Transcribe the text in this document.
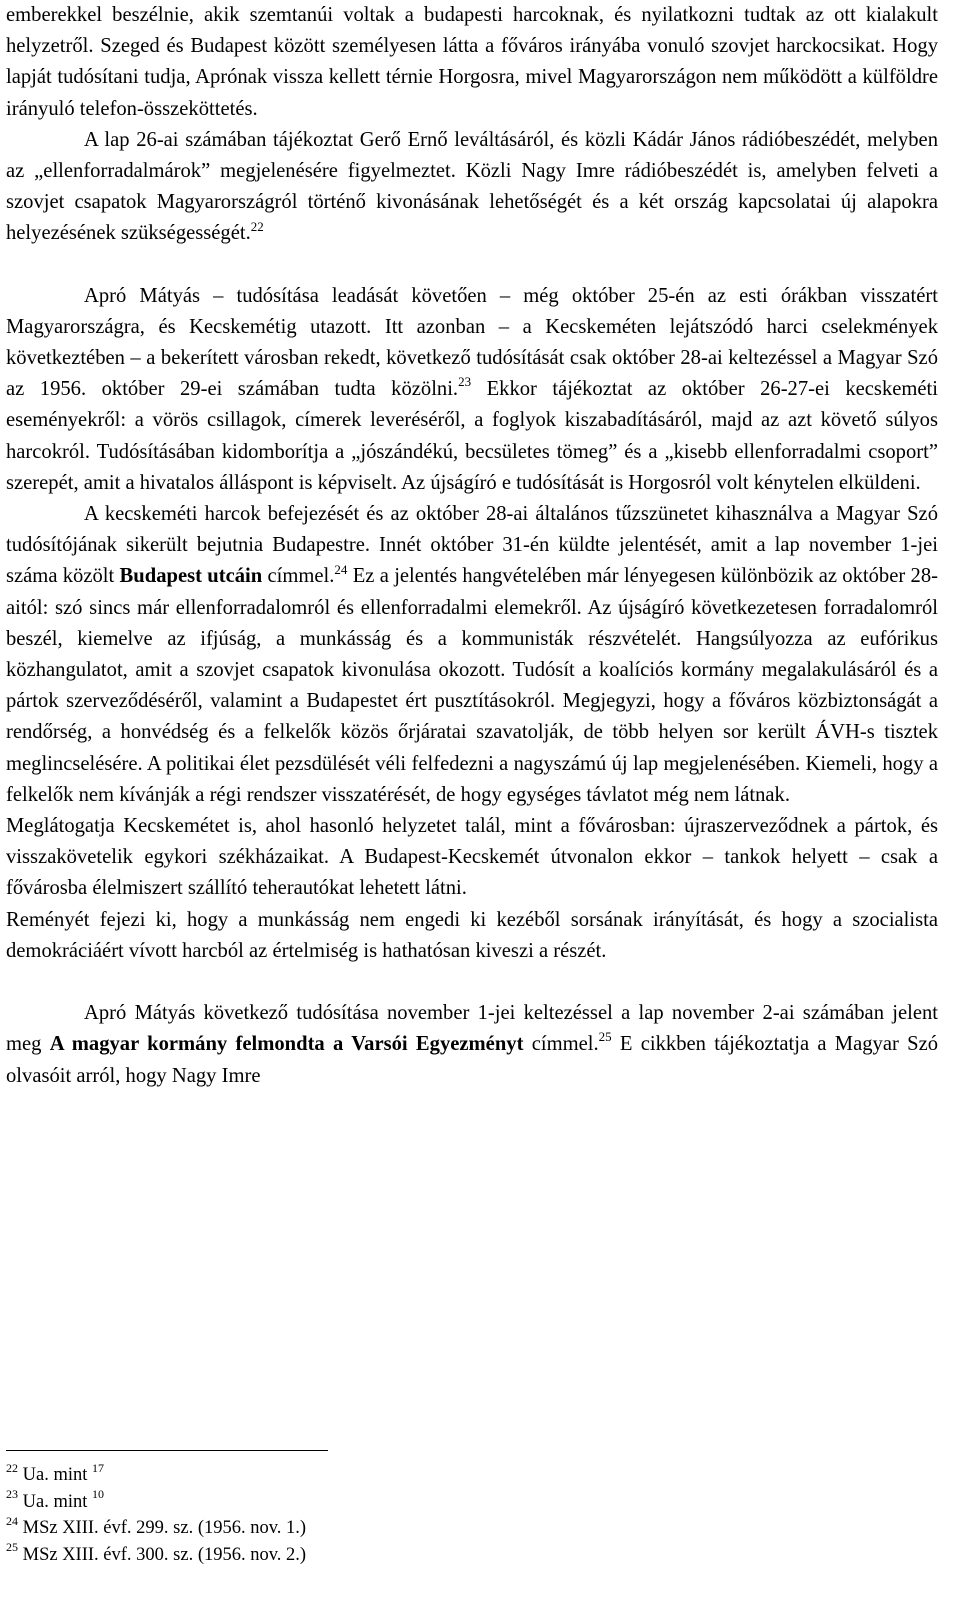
emberekkel beszélnie, akik szemtanúi voltak a budapesti harcoknak, és nyilatkozni tudtak az ott kialakult helyzetről. Szeged és Budapest között személyesen látta a főváros irányába vonuló szovjet harckocsikat. Hogy lapját tudósítani tudja, Aprónak vissza kellett térnie Horgosra, mivel Magyarországon nem működött a külföldre irányuló telefon-összeköttetés.

A lap 26-ai számában tájékoztat Gerő Ernő leváltásáról, és közli Kádár János rádióbeszédét, melyben az „ellenforradalmárok” megjelenésére figyelmeztet. Közli Nagy Imre rádióbeszédét is, amelyben felveti a szovjet csapatok Magyarországról történő kivonásának lehetőségét és a két ország kapcsolatai új alapokra helyezésének szükségességét.$^{22}$

Apró Mátyás – tudósítása leadását követően – még október 25-én az esti órákban visszatért Magyarországra, és Kecskemétig utazott. Itt azonban – a Kecskeméten lejátszódó harci cselekmények következtében – a bekerített városban rekedt, következő tudósítását csak október 28-ai keltezéssel a Magyar Szó az 1956. október 29-ei számában tudta közölni.$^{23}$ Ekkor tájékoztat az október 26-27-ei kecskeméti eseményekről: a vörös csillagok, címerek leveréséről, a foglyok kiszabadításáról, majd az azt követő súlyos harcokról. Tudósításában kidomborítja a „jószándékú, becsületes tömeg” és a „kisebb ellenforradalmi csoport” szerepét, amit a hivatalos álláspont is képviselt. Az újságíró e tudósítását is Horgosról volt kénytelen elküldeni.

A kecskeméti harcok befejezését és az október 28-ai általános tűzszünetet kihasználva a Magyar Szó tudósítójának sikerült bejutnia Budapestre. Innét október 31-én küldte jelentését, amit a lap november 1-jei száma közölt Budapest utcáin címmel.$^{24}$ Ez a jelentés hangvételében már lényegesen különbözik az október 28-aitól: szó sincs már ellenforradalomról és ellenforradalmi elemekről. Az újságíró következetesen forradalomról beszél, kiemelve az ifjúság, a munkásság és a kommunisták részvételét. Hangsúlyozza az eufórikus közhangulatot, amit a szovjet csapatok kivonulása okozott. Tudósít a koalíciós kormány megalakulásáról és a pártok szerveződéséről, valamint a Budapestet ért pusztításokról. Megjegyzi, hogy a főváros közbiztonságát a rendőrség, a honvédség és a felkelők közös őrjáratai szavatolják, de több helyen sor került ÁVH-s tisztek meglincselésére. A politikai élet pezsdülését véli felfedezni a nagyszámú új lap megjelenésében. Kiemeli, hogy a felkelők nem kívánják a régi rendszer visszatérését, de hogy egységes távlatot még nem látnak.

Meglátogatja Kecskemétet is, ahol hasonló helyzetet talál, mint a fővárosban: újraszerveződnek a pártok, és visszakövetelik egykori székházaikat. A Budapest-Kecskemét útvonalon ekkor – tankok helyett – csak a fővárosba élelmiszert szállító teherautókat lehetett látni.

Reményét fejezi ki, hogy a munkásság nem engedi ki kezéből sorsának irányítását, és hogy a szocialista demokráciáért vívott harcból az értelmiség is hathatósan kiveszi a részét.

Apró Mátyás következő tudósítása november 1-jei keltezéssel a lap november 2-ai számában jelent meg A magyar kormány felmondta a Varsói Egyezményt címmel.$^{25}$ E cikkben tájékoztatja a Magyar Szó olvasóit arról, hogy Nagy Imre

$^{22}$ Ua. mint $^{17}$
$^{23}$ Ua. mint $^{10}$
$^{24}$ MSz XIII. évf. 299. sz. (1956. nov. 1.)
$^{25}$ MSz XIII. évf. 300. sz. (1956. nov. 2.)
